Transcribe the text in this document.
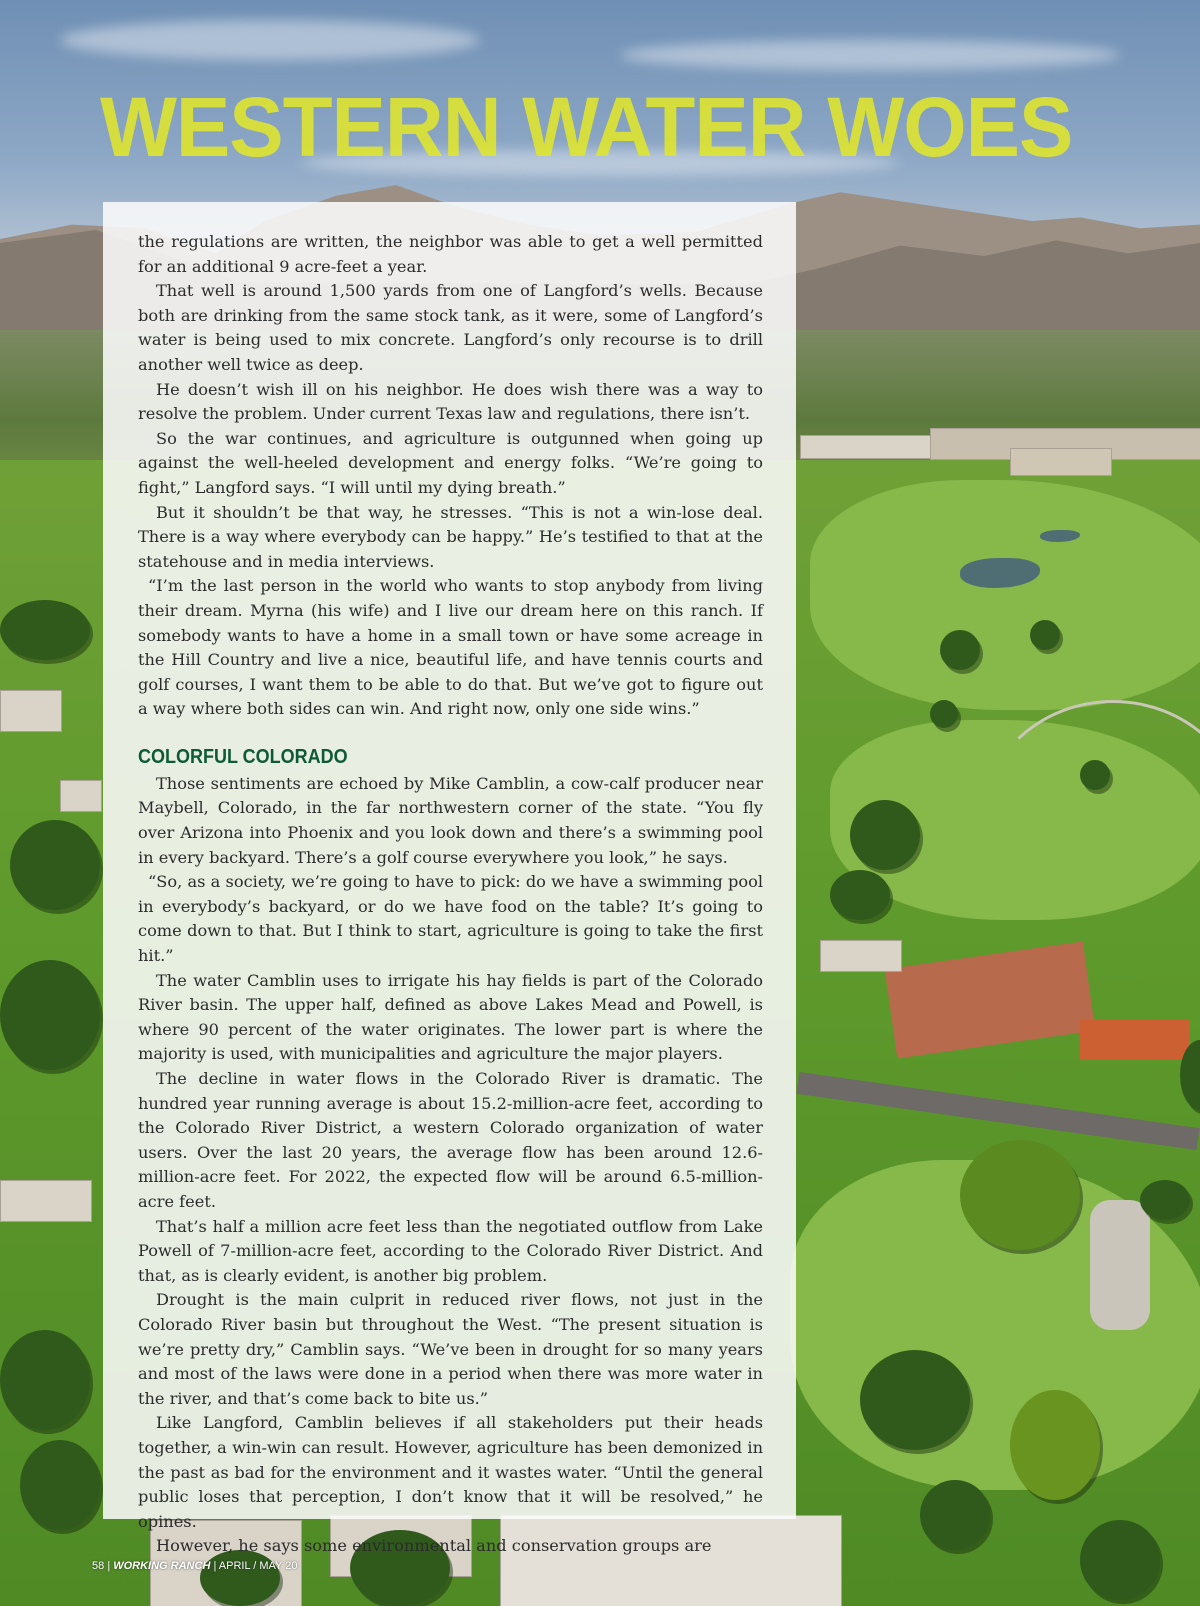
WESTERN WATER WOES

the regulations are written, the neighbor was able to get a well permitted for an additional 9 acre-feet a year.

That well is around 1,500 yards from one of Langford’s wells. Because both are drinking from the same stock tank, as it were, some of Langford’s water is being used to mix concrete. Langford’s only recourse is to drill another well twice as deep.

He doesn’t wish ill on his neighbor. He does wish there was a way to resolve the problem. Under current Texas law and regulations, there isn’t.

So the war continues, and agriculture is outgunned when going up against the well-heeled development and energy folks. “We’re going to fight,” Langford says. “I will until my dying breath.”

But it shouldn’t be that way, he stresses. “This is not a win-lose deal. There is a way where everybody can be happy.” He’s testified to that at the statehouse and in media interviews.

“I’m the last person in the world who wants to stop anybody from living their dream. Myrna (his wife) and I live our dream here on this ranch. If somebody wants to have a home in a small town or have some acreage in the Hill Country and live a nice, beautiful life, and have tennis courts and golf courses, I want them to be able to do that. But we’ve got to figure out a way where both sides can win. And right now, only one side wins.”

COLORFUL COLORADO

Those sentiments are echoed by Mike Camblin, a cow-calf producer near Maybell, Colorado, in the far northwestern corner of the state. “You fly over Arizona into Phoenix and you look down and there’s a swimming pool in every backyard. There’s a golf course everywhere you look,” he says.

“So, as a society, we’re going to have to pick: do we have a swimming pool in everybody’s backyard, or do we have food on the table? It’s going to come down to that. But I think to start, agriculture is going to take the first hit.”

The water Camblin uses to irrigate his hay fields is part of the Colorado River basin. The upper half, defined as above Lakes Mead and Powell, is where 90 percent of the water originates. The lower part is where the majority is used, with municipalities and agriculture the major players.

The decline in water flows in the Colorado River is dramatic. The hundred year running average is about 15.2-million-acre feet, according to the Colorado River District, a western Colorado organization of water users. Over the last 20 years, the average flow has been around 12.6-million-acre feet. For 2022, the expected flow will be around 6.5-million-acre feet.

That’s half a million acre feet less than the negotiated outflow from Lake Powell of 7-million-acre feet, according to the Colorado River District. And that, as is clearly evident, is another big problem.

Drought is the main culprit in reduced river flows, not just in the Colorado River basin but throughout the West. “The present situation is we’re pretty dry,” Camblin says. “We’ve been in drought for so many years and most of the laws were done in a period when there was more water in the river, and that’s come back to bite us.”

Like Langford, Camblin believes if all stakeholders put their heads together, a win-win can result. However, agriculture has been demonized in the past as bad for the environment and it wastes water. “Until the general public loses that perception, I don’t know that it will be resolved,” he opines.

However, he says some environmental and conservation groups are

58 | WORKING RANCH | APRIL / MAY 20
